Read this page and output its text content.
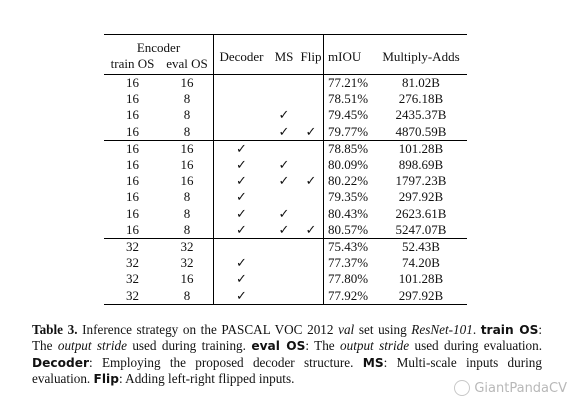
Encoder						
train OS	eval OS	Decoder	MS	Flip	mIOU	Multiply-Adds
16	16				77.21%	81.02B
16	8				78.51%	276.18B
16	8		✓		79.45%	2435.37B
16	8		✓	✓	79.77%	4870.59B
16	16	✓			78.85%	101.28B
16	16	✓	✓		80.09%	898.69B
16	16	✓	✓	✓	80.22%	1797.23B
16	8	✓			79.35%	297.92B
16	8	✓	✓		80.43%	2623.61B
16	8	✓	✓	✓	80.57%	5247.07B
32	32				75.43%	52.43B
32	32	✓			77.37%	74.20B
32	16	✓			77.80%	101.28B
32	8	✓			77.92%	297.92B
Table 3. Inference strategy on the PASCAL VOC 2012 val set using ResNet-101. train OS: The output stride used during training. eval OS: The output stride used during evaluation. Decoder: Employing the proposed decoder structure. MS: Multi-scale inputs during evaluation. Flip: Adding left-right flipped inputs.
GiantPandaCV
